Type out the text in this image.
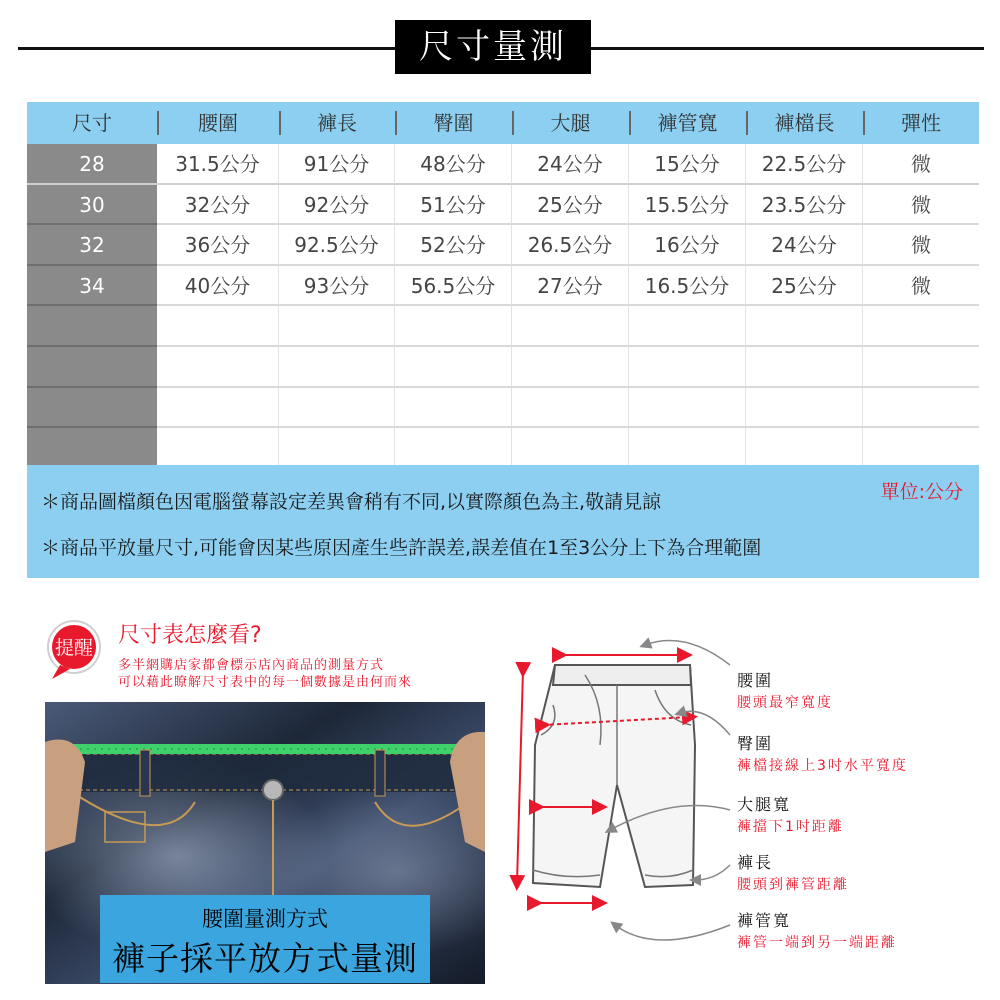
尺寸量測
尺寸	腰圍	褲長	臀圍	大腿	褲管寬	褲檔長	彈性
28	31.5公分	91公分	48公分	24公分	15公分	22.5公分	微
30	32公分	92公分	51公分	25公分	15.5公分	23.5公分	微
32	36公分	92.5公分	52公分	26.5公分	16公分	24公分	微
34	40公分	93公分	56.5公分	27公分	16.5公分	25公分	微
單位:公分
＊商品圖檔顏色因電腦螢幕設定差異會稍有不同,以實際顏色為主,敬請見諒
＊商品平放量尺寸,可能會因某些原因產生些許誤差,誤差值在1至3公分上下為合理範圍
提醒 尺寸表怎麼看?
多半網購店家都會標示店內商品的測量方式
可以藉此瞭解尺寸表中的每一個數據是由何而來
腰圍量測方式
褲子採平放方式量測
腰圍
腰頭最窄寬度
臀圍
褲檔接線上3吋水平寬度
大腿寬
褲擋下1吋距離
褲長
腰頭到褲管距離
褲管寬
褲管一端到另一端距離
